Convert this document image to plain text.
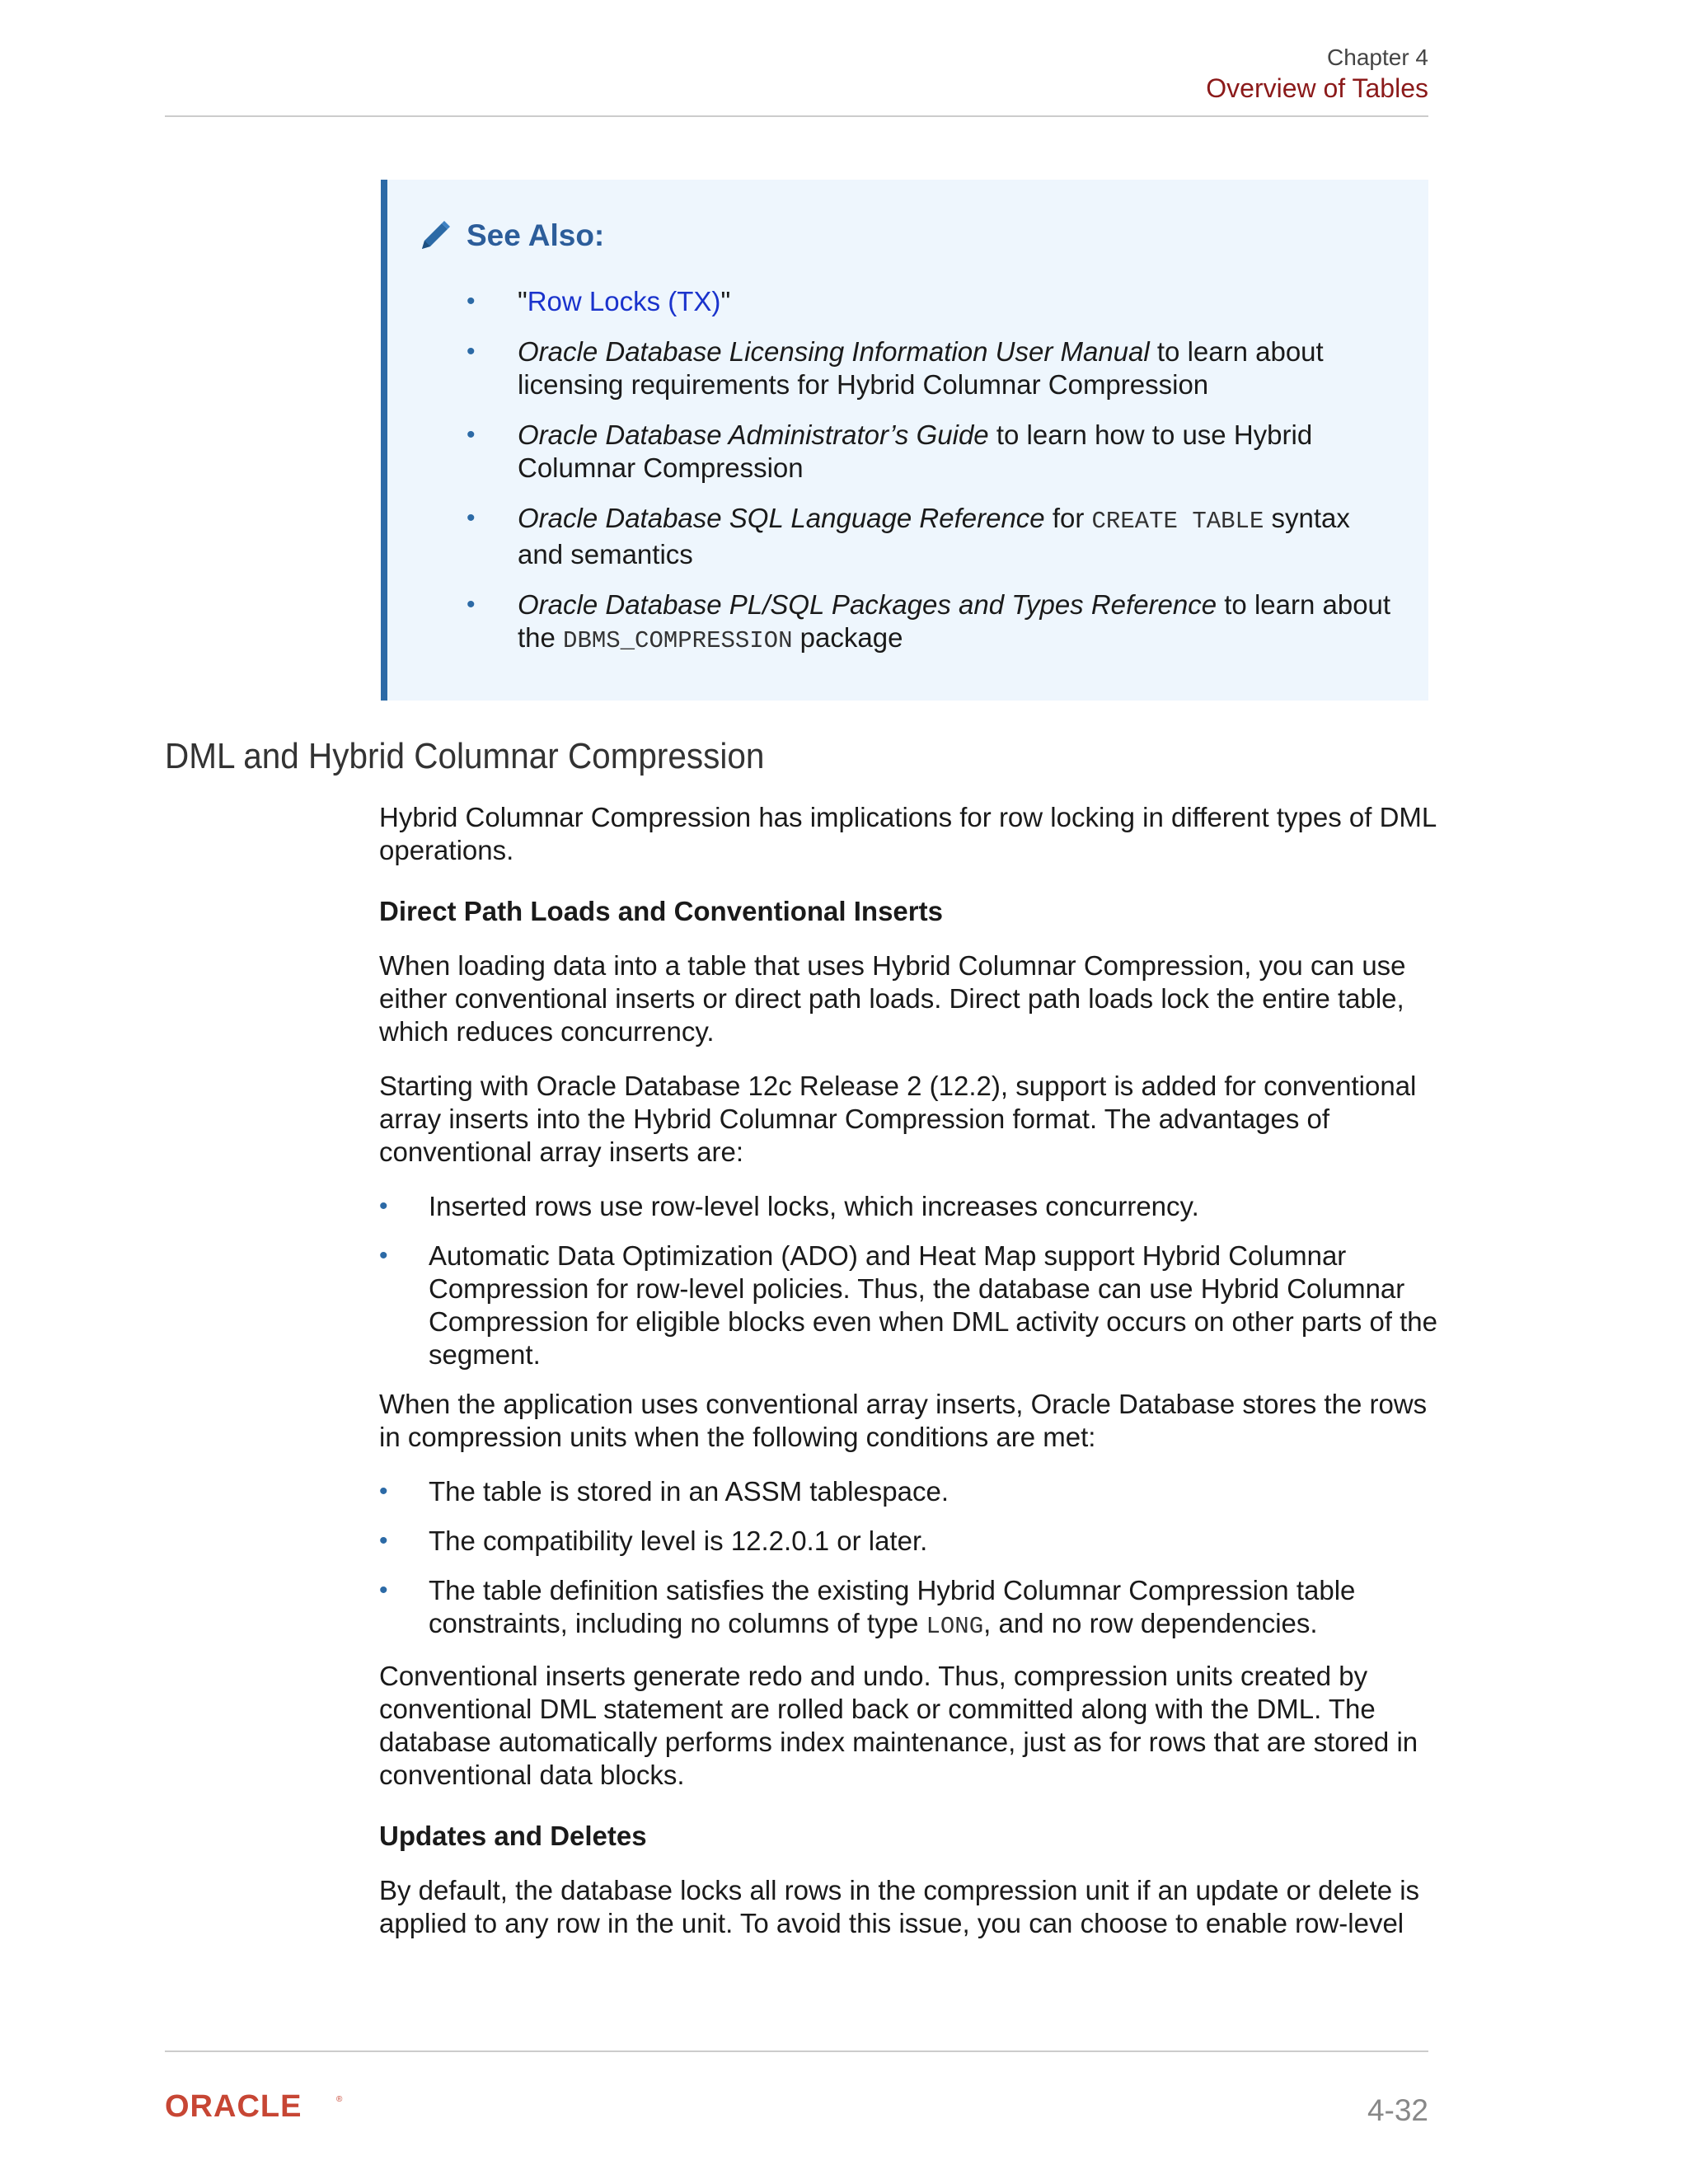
Chapter 4
Overview of Tables
See Also:
• "Row Locks (TX)"
• Oracle Database Licensing Information User Manual to learn about licensing requirements for Hybrid Columnar Compression
• Oracle Database Administrator’s Guide to learn how to use Hybrid Columnar Compression
• Oracle Database SQL Language Reference for CREATE TABLE syntax and semantics
• Oracle Database PL/SQL Packages and Types Reference to learn about the DBMS_COMPRESSION package
DML and Hybrid Columnar Compression

Hybrid Columnar Compression has implications for row locking in different types of DML operations.

Direct Path Loads and Conventional Inserts

When loading data into a table that uses Hybrid Columnar Compression, you can use either conventional inserts or direct path loads. Direct path loads lock the entire table, which reduces concurrency.

Starting with Oracle Database 12c Release 2 (12.2), support is added for conventional array inserts into the Hybrid Columnar Compression format. The advantages of conventional array inserts are:

• Inserted rows use row-level locks, which increases concurrency.
• Automatic Data Optimization (ADO) and Heat Map support Hybrid Columnar Compression for row-level policies. Thus, the database can use Hybrid Columnar Compression for eligible blocks even when DML activity occurs on other parts of the segment.

When the application uses conventional array inserts, Oracle Database stores the rows in compression units when the following conditions are met:

• The table is stored in an ASSM tablespace.
• The compatibility level is 12.2.0.1 or later.
• The table definition satisfies the existing Hybrid Columnar Compression table constraints, including no columns of type LONG, and no row dependencies.

Conventional inserts generate redo and undo. Thus, compression units created by conventional DML statement are rolled back or committed along with the DML. The database automatically performs index maintenance, just as for rows that are stored in conventional data blocks.

Updates and Deletes

By default, the database locks all rows in the compression unit if an update or delete is applied to any row in the unit. To avoid this issue, you can choose to enable row-level

ORACLE	®	4-32
